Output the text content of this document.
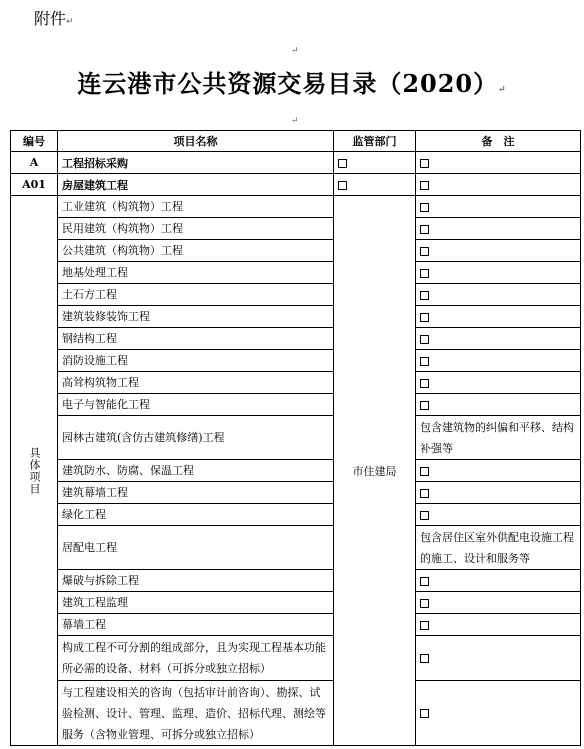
附件↵
↵
连云港市公共资源交易目录（2020）↵
↵
编号	项目名称	监管部门	备　注
A	工程招标采购		
A01	房屋建筑工程		

具体项目	工业建筑（构筑物）工程	市住建局	
	民用建筑（构筑物）工程		
	公共建筑（构筑物）工程		
	地基处理工程		
	土石方工程		
	建筑装修装饰工程		
	钢结构工程		
	消防设施工程		
	高耸构筑物工程		
	电子与智能化工程		
	园林古建筑(含仿古建筑修缮)工程		包含建筑物的纠偏和平移、结构补强等
	建筑防水、防腐、保温工程		
	建筑幕墙工程		
	绿化工程		
	居配电工程		包含居住区室外供配电设施工程的施工、设计和服务等
	爆破与拆除工程		
	建筑工程监理		
	幕墙工程		
	构成工程不可分割的组成部分，且为实现工程基本功能所必需的设备、材料（可拆分或独立招标）		
	与工程建设相关的咨询（包括审计前咨询）、勘探、试验检测、设计、管理、监理、造价、招标代理、测绘等服务（含物业管理、可拆分或独立招标）		
